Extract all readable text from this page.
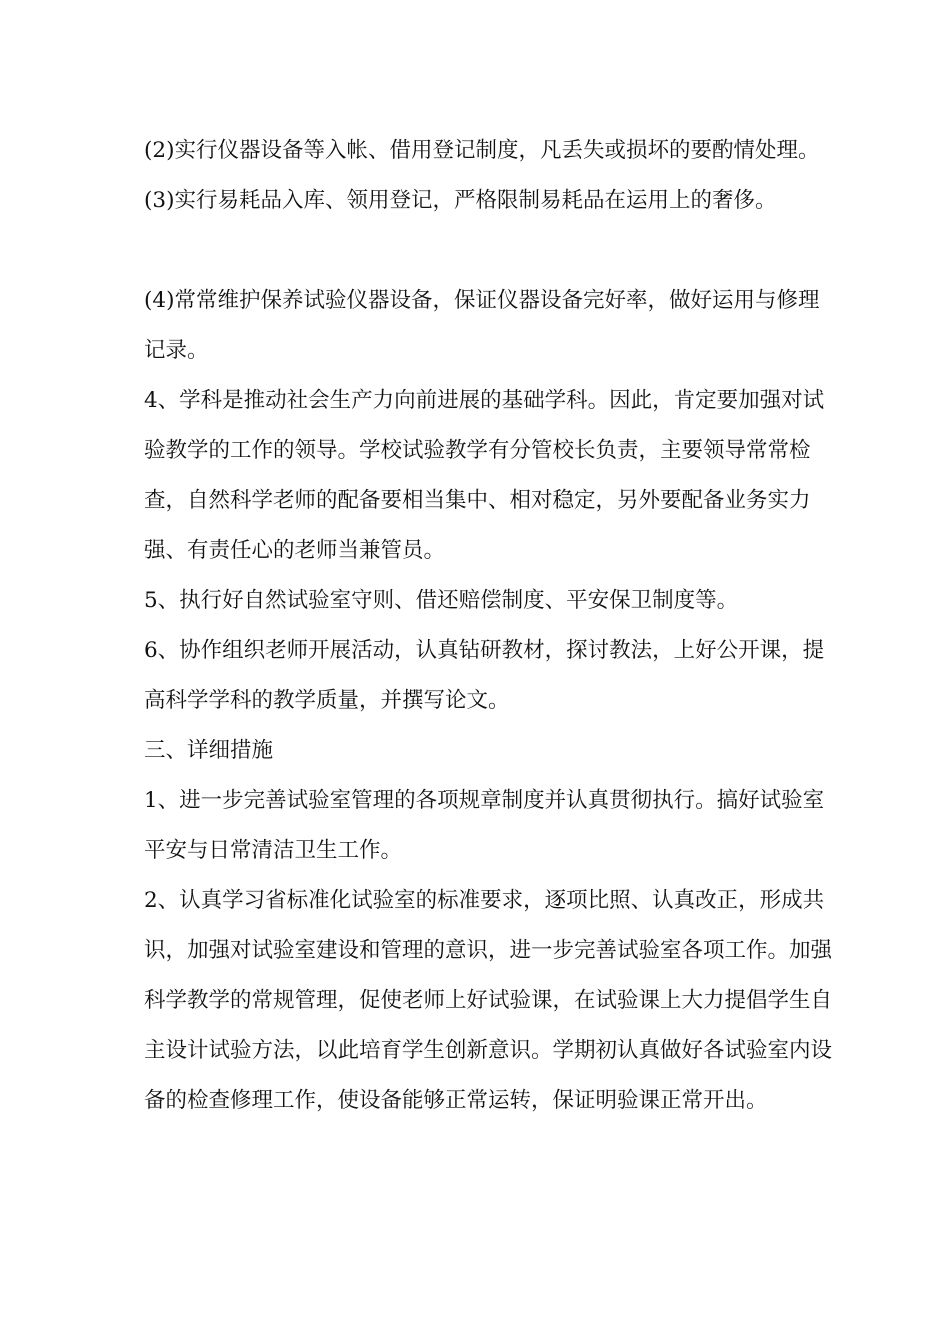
(2)实行仪器设备等入帐、借用登记制度，凡丢失或损坏的要酌情处理。

(3)实行易耗品入库、领用登记，严格限制易耗品在运用上的奢侈。

(4)常常维护保养试验仪器设备，保证仪器设备完好率，做好运用与修理记录。

4、学科是推动社会生产力向前进展的基础学科。因此，肯定要加强对试验教学的工作的领导。学校试验教学有分管校长负责，主要领导常常检查，自然科学老师的配备要相当集中、相对稳定，另外要配备业务实力强、有责任心的老师当兼管员。

5、执行好自然试验室守则、借还赔偿制度、平安保卫制度等。

6、协作组织老师开展活动，认真钻研教材，探讨教法，上好公开课，提高科学学科的教学质量，并撰写论文。

三、详细措施

1、进一步完善试验室管理的各项规章制度并认真贯彻执行。搞好试验室平安与日常清洁卫生工作。

2、认真学习省标准化试验室的标准要求，逐项比照、认真改正，形成共识，加强对试验室建设和管理的意识，进一步完善试验室各项工作。加强科学教学的常规管理，促使老师上好试验课，在试验课上大力提倡学生自主设计试验方法，以此培育学生创新意识。学期初认真做好各试验室内设备的检查修理工作，使设备能够正常运转，保证明验课正常开出。
